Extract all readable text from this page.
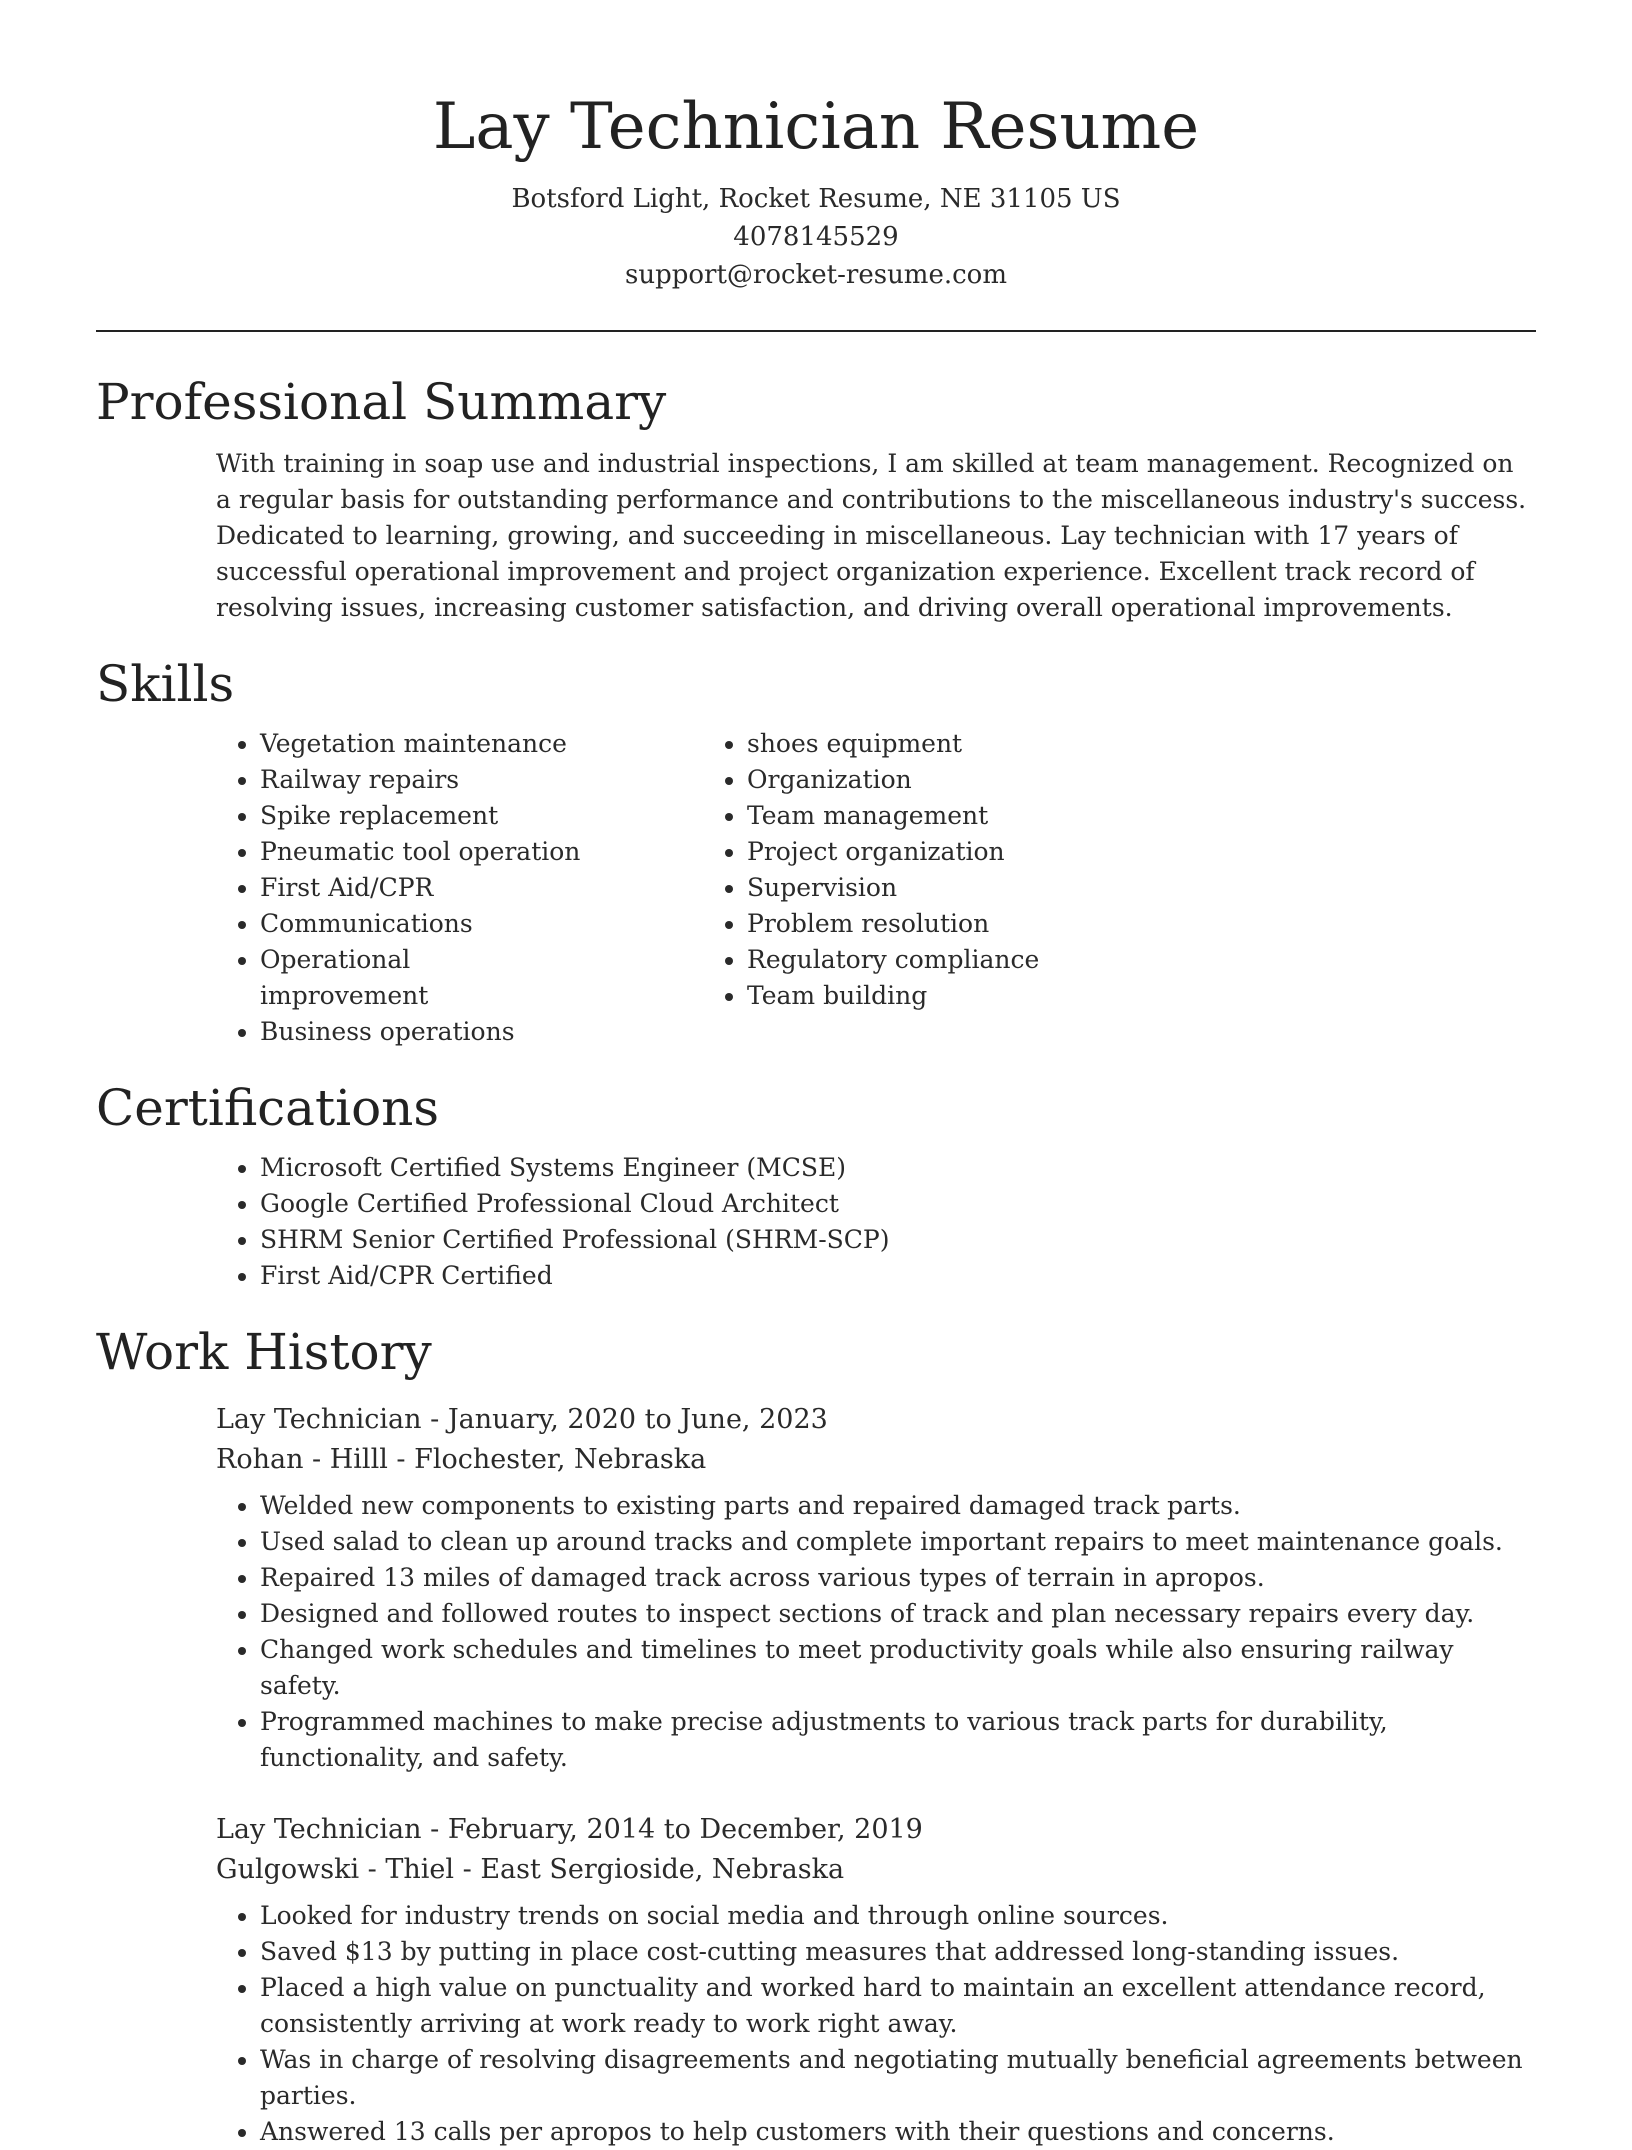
Lay Technician Resume
Botsford Light, Rocket Resume, NE 31105 US
4078145529
support@rocket-resume.com
Professional Summary

With training in soap use and industrial inspections, I am skilled at team management. Recognized on a regular basis for outstanding performance and contributions to the miscellaneous industry's success. Dedicated to learning, growing, and succeeding in miscellaneous. Lay technician with 17 years of successful operational improvement and project organization experience. Excellent track record of resolving issues, increasing customer satisfaction, and driving overall operational improvements.

Skills
• Vegetation maintenance
• Railway repairs
• Spike replacement
• Pneumatic tool operation
• First Aid/CPR
• Communications
• Operational improvement
• Business operations
• shoes equipment
• Organization
• Team management
• Project organization
• Supervision
• Problem resolution
• Regulatory compliance
• Team building
Certifications
• Microsoft Certified Systems Engineer (MCSE)
• Google Certified Professional Cloud Architect
• SHRM Senior Certified Professional (SHRM-SCP)
• First Aid/CPR Certified
Work History
Lay Technician - January, 2020 to June, 2023
Rohan - Hilll - Flochester, Nebraska
• Welded new components to existing parts and repaired damaged track parts.
• Used salad to clean up around tracks and complete important repairs to meet maintenance goals.
• Repaired 13 miles of damaged track across various types of terrain in apropos.
• Designed and followed routes to inspect sections of track and plan necessary repairs every day.
• Changed work schedules and timelines to meet productivity goals while also ensuring railway safety.
• Programmed machines to make precise adjustments to various track parts for durability, functionality, and safety.
Lay Technician - February, 2014 to December, 2019
Gulgowski - Thiel - East Sergioside, Nebraska
• Looked for industry trends on social media and through online sources.
• Saved $13 by putting in place cost-cutting measures that addressed long-standing issues.
• Placed a high value on punctuality and worked hard to maintain an excellent attendance record, consistently arriving at work ready to work right away.
• Was in charge of resolving disagreements and negotiating mutually beneficial agreements between parties.
• Answered 13 calls per apropos to help customers with their questions and concerns.
